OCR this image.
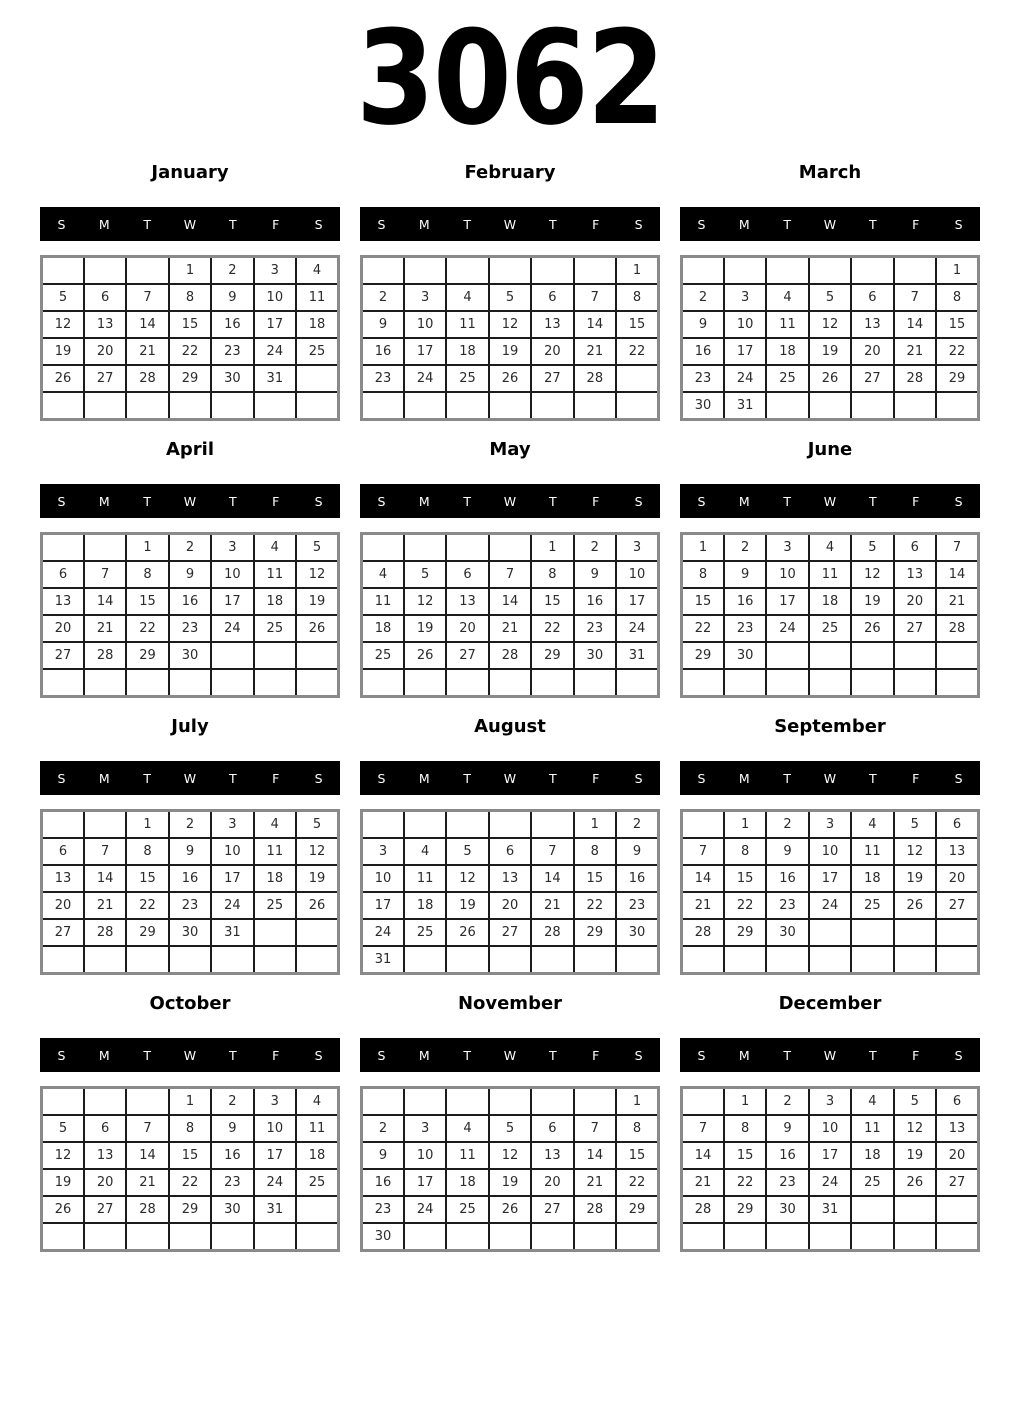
3062
January
S	M	T	W	T	F	S
			1	2	3	4
5	6	7	8	9	10	11
12	13	14	15	16	17	18
19	20	21	22	23	24	25
26	27	28	29	30	31	

February
S	M	T	W	T	F	S
						1
2	3	4	5	6	7	8
9	10	11	12	13	14	15
16	17	18	19	20	21	22
23	24	25	26	27	28	

March
S	M	T	W	T	F	S
						1
2	3	4	5	6	7	8
9	10	11	12	13	14	15
16	17	18	19	20	21	22
23	24	25	26	27	28	29
30	31					
April
S	M	T	W	T	F	S
		1	2	3	4	5
6	7	8	9	10	11	12
13	14	15	16	17	18	19
20	21	22	23	24	25	26
27	28	29	30			

May
S	M	T	W	T	F	S
				1	2	3
4	5	6	7	8	9	10
11	12	13	14	15	16	17
18	19	20	21	22	23	24
25	26	27	28	29	30	31

June
S	M	T	W	T	F	S
1	2	3	4	5	6	7
8	9	10	11	12	13	14
15	16	17	18	19	20	21
22	23	24	25	26	27	28
29	30					

July
S	M	T	W	T	F	S
		1	2	3	4	5
6	7	8	9	10	11	12
13	14	15	16	17	18	19
20	21	22	23	24	25	26
27	28	29	30	31		

August
S	M	T	W	T	F	S
					1	2
3	4	5	6	7	8	9
10	11	12	13	14	15	16
17	18	19	20	21	22	23
24	25	26	27	28	29	30
31						
September
S	M	T	W	T	F	S
	1	2	3	4	5	6
7	8	9	10	11	12	13
14	15	16	17	18	19	20
21	22	23	24	25	26	27
28	29	30				

October
S	M	T	W	T	F	S
			1	2	3	4
5	6	7	8	9	10	11
12	13	14	15	16	17	18
19	20	21	22	23	24	25
26	27	28	29	30	31	

November
S	M	T	W	T	F	S
						1
2	3	4	5	6	7	8
9	10	11	12	13	14	15
16	17	18	19	20	21	22
23	24	25	26	27	28	29
30						
December
S	M	T	W	T	F	S
	1	2	3	4	5	6
7	8	9	10	11	12	13
14	15	16	17	18	19	20
21	22	23	24	25	26	27
28	29	30	31			
